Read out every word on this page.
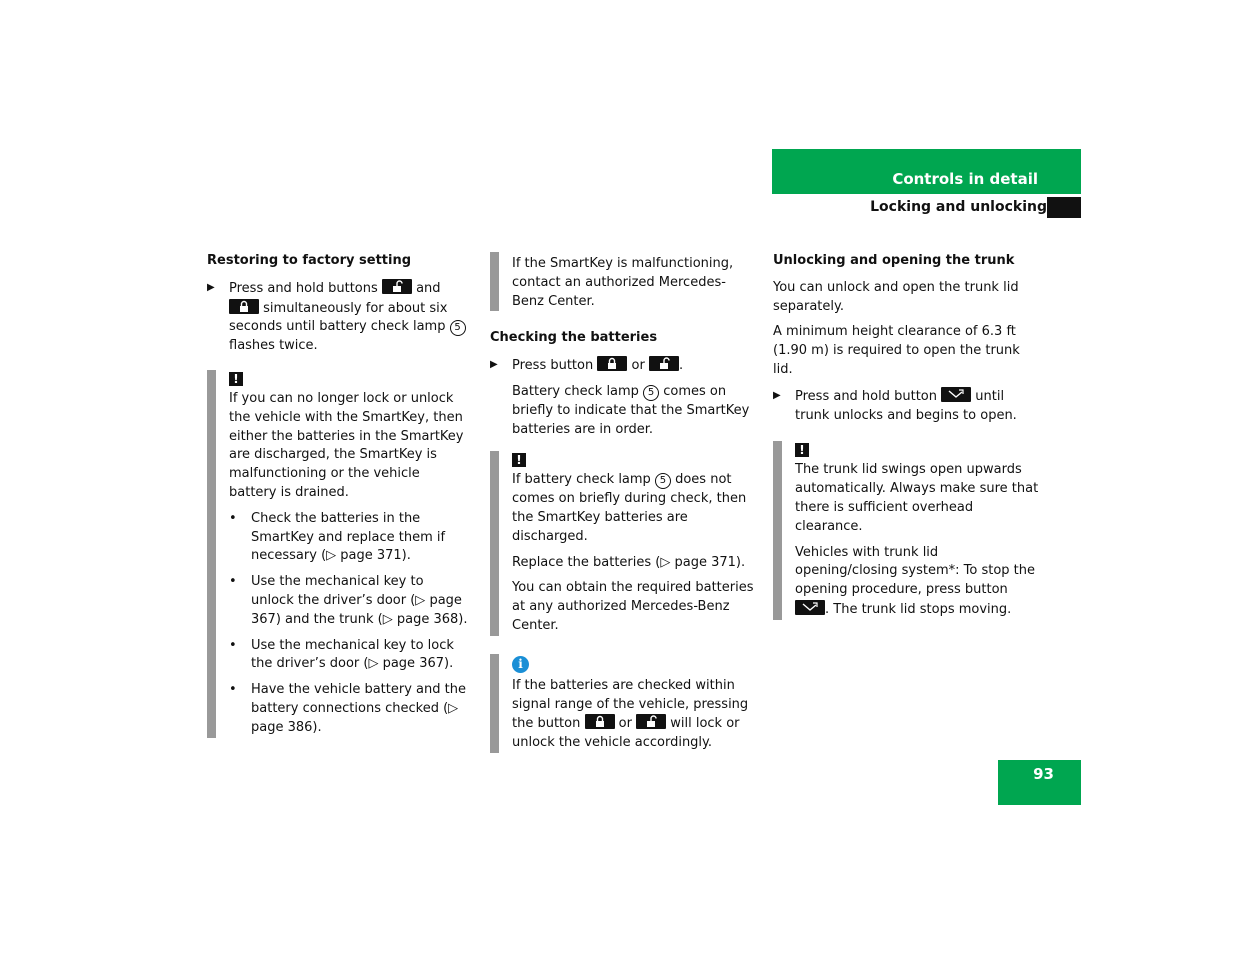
Controls in detail
Locking and unlocking
Restoring to factory setting
▶ Press and hold buttons	and
simultaneously for about six seconds until battery check lamp 5 flashes twice.
!

If you can no longer lock or unlock the vehicle with the SmartKey, then either the batteries in the SmartKey are discharged, the SmartKey is malfunctioning or the vehicle battery is drained.

• Check the batteries in the SmartKey and replace them if necessary (▷ page 371).
• Use the mechanical key to unlock the driver’s door (▷ page 367) and the trunk (▷ page 368).
• Use the mechanical key to lock the driver’s door (▷ page 367).
• Have the vehicle battery and the battery connections checked (▷ page 386).

If the SmartKey is malfunctioning, contact an authorized Mercedes-Benz Center.

Checking the batteries
▶ Press button	or	.

Battery check lamp 5 comes on briefly to indicate that the SmartKey batteries are in order.

!

If battery check lamp 5 does not comes on briefly during check, then the SmartKey batteries are discharged.

Replace the batteries (▷ page 371).

You can obtain the required batteries at any authorized Mercedes-Benz Center.

i

If the batteries are checked within signal range of the vehicle, pressing the button	or	will lock or unlock the vehicle accordingly.

Unlocking and opening the trunk

You can unlock and open the trunk lid separately.

A minimum height clearance of 6.3 ft (1.90 m) is required to open the trunk lid.

▶ Press and hold button	until trunk unlocks and begins to open.
!

The trunk lid swings open upwards automatically. Always make sure that there is sufficient overhead clearance.

Vehicles with trunk lid opening/closing system*: To stop the opening procedure, press button
. The trunk lid stops moving.

93
